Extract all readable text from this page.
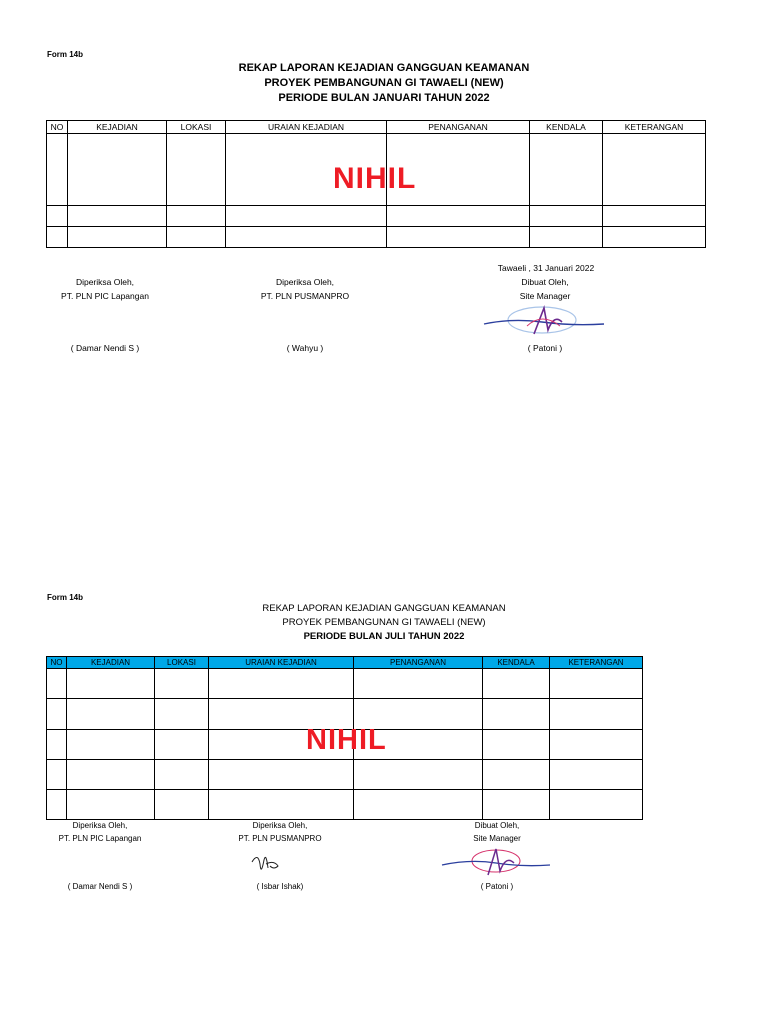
Form 14b
REKAP LAPORAN KEJADIAN GANGGUAN KEAMANAN
PROYEK PEMBANGUNAN GI TAWAELI (NEW)
PERIODE BULAN JANUARI TAHUN 2022
NO	KEJADIAN	LOKASI	URAIAN KEJADIAN	PENANGANAN	KENDALA	KETERANGAN

NIHIL
Tawaeli , 31 Januari 2022
Diperiksa Oleh,
PT. PLN PIC Lapangan
Diperiksa Oleh,
PT. PLN PUSMANPRO
Dibuat Oleh,
Site Manager
( Damar Nendi S )	( Wahyu )	( Patoni )
Form 14b
REKAP LAPORAN KEJADIAN GANGGUAN KEAMANAN
PROYEK PEMBANGUNAN GI TAWAELI (NEW)
PERIODE BULAN JULI TAHUN 2022
NO	KEJADIAN	LOKASI	URAIAN KEJADIAN	PENANGANAN	KENDALA	KETERANGAN

NIHIL
Diperiksa Oleh,
PT. PLN PIC Lapangan
Diperiksa Oleh,
PT. PLN PUSMANPRO
Dibuat Oleh,
Site Manager
( Damar Nendi S )	( Isbar Ishak)	( Patoni )
